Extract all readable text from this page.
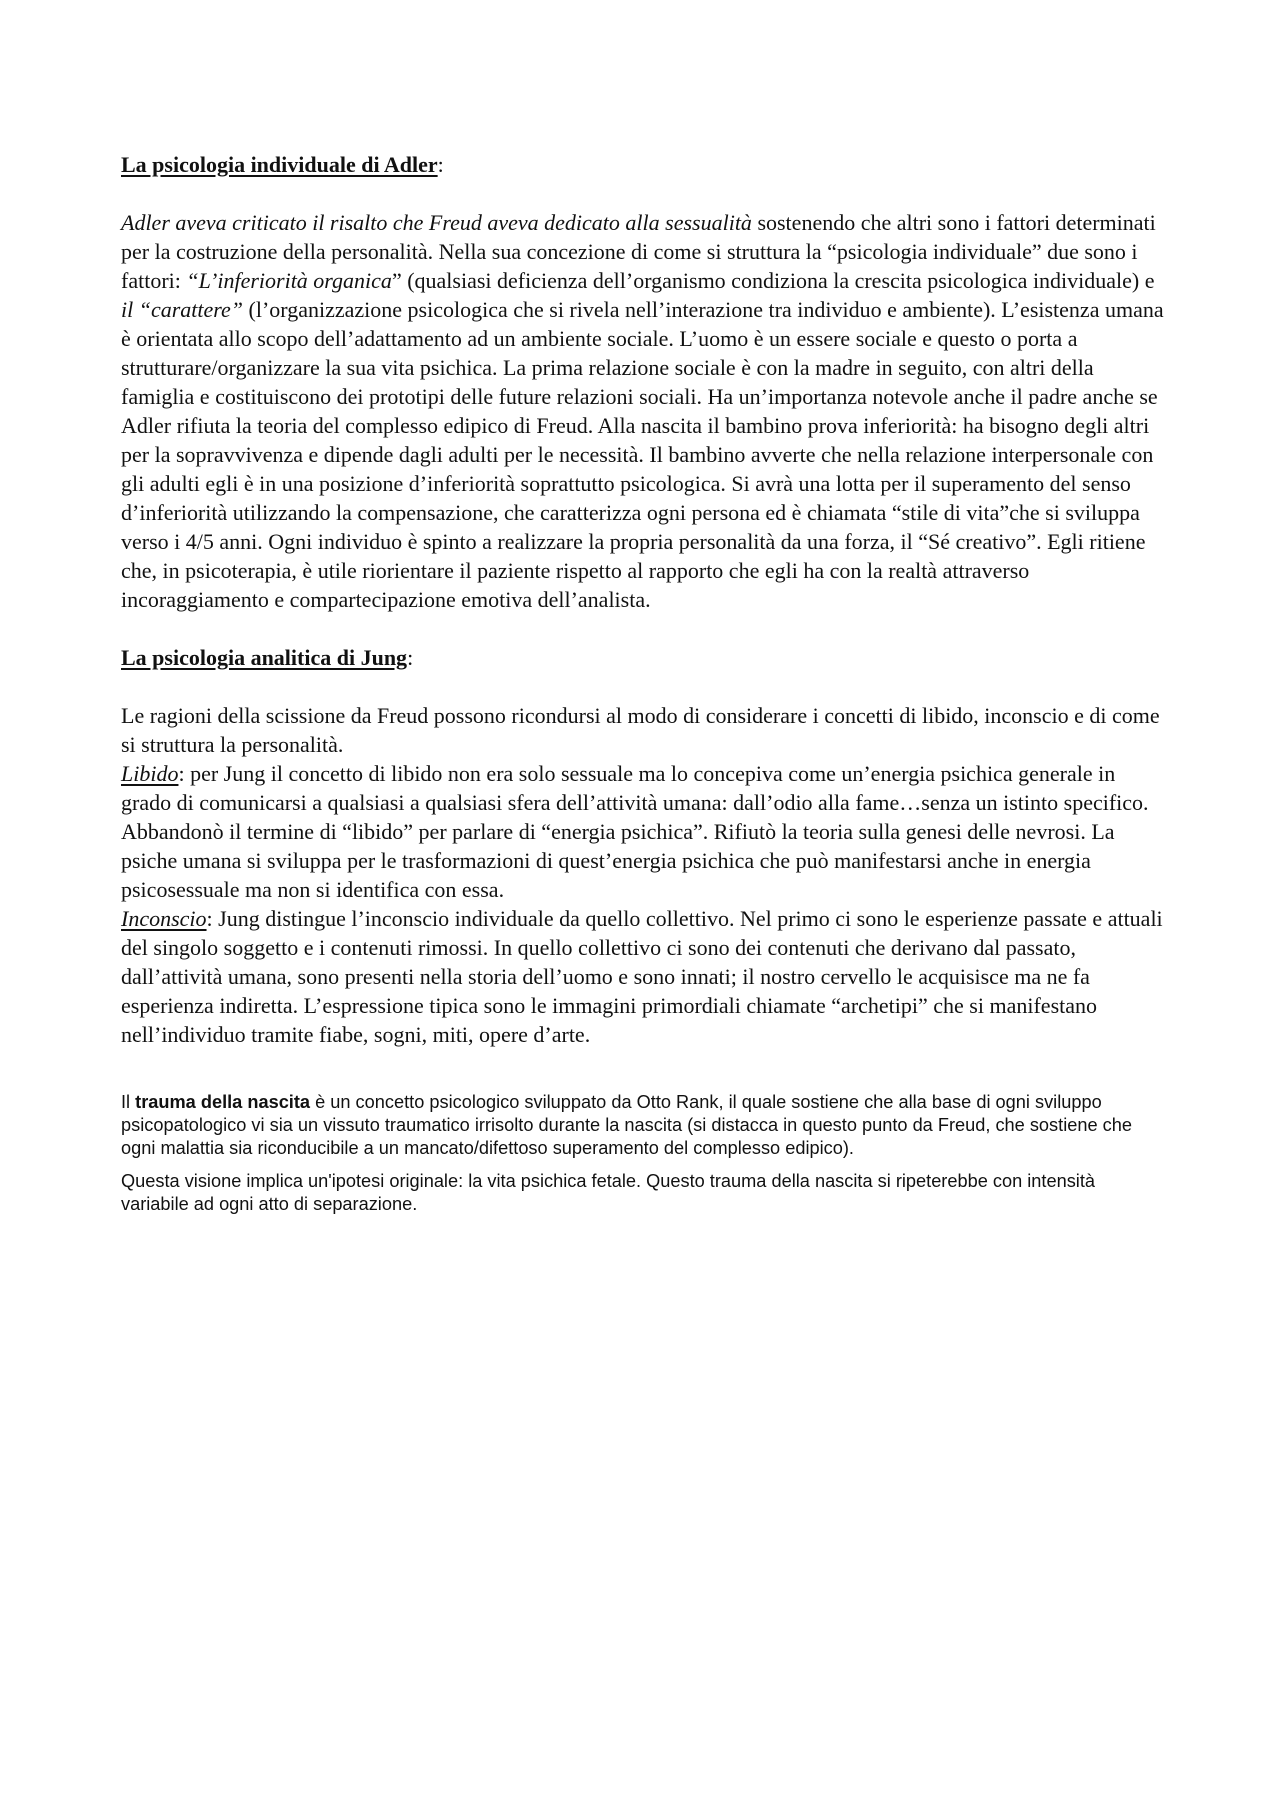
La psicologia individuale di Adler:

Adler aveva criticato il risalto che Freud aveva dedicato alla sessualità sostenendo che altri sono i fattori determinati per la costruzione della personalità. Nella sua concezione di come si struttura la “psicologia individuale” due sono i fattori: “L’inferiorità organica” (qualsiasi deficienza dell’organismo condiziona la crescita psicologica individuale) e il “carattere” (l’organizzazione psicologica che si rivela nell’interazione tra individuo e ambiente). L’esistenza umana è orientata allo scopo dell’adattamento ad un ambiente sociale. L’uomo è un essere sociale e questo o porta a strutturare/organizzare la sua vita psichica. La prima relazione sociale è con la madre in seguito, con altri della famiglia e costituiscono dei prototipi delle future relazioni sociali. Ha un’importanza notevole anche il padre anche se Adler rifiuta la teoria del complesso edipico di Freud. Alla nascita il bambino prova inferiorità: ha bisogno degli altri per la sopravvivenza e dipende dagli adulti per le necessità. Il bambino avverte che nella relazione interpersonale con gli adulti egli è in una posizione d’inferiorità soprattutto psicologica. Si avrà una lotta per il superamento del senso d’inferiorità utilizzando la compensazione, che caratterizza ogni persona ed è chiamata “stile di vita”che si sviluppa verso i 4/5 anni. Ogni individuo è spinto a realizzare la propria personalità da una forza, il “Sé creativo”. Egli ritiene che, in psicoterapia, è utile riorientare il paziente rispetto al rapporto che egli ha con la realtà attraverso incoraggiamento e compartecipazione emotiva dell’analista.

La psicologia analitica di Jung:

Le ragioni della scissione da Freud possono ricondursi al modo di considerare i concetti di libido, inconscio e di come si struttura la personalità.

Libido: per Jung il concetto di libido non era solo sessuale ma lo concepiva come un’energia psichica generale in grado di comunicarsi a qualsiasi a qualsiasi sfera dell’attività umana: dall’odio alla fame…senza un istinto specifico. Abbandonò il termine di “libido” per parlare di “energia psichica”. Rifiutò la teoria sulla genesi delle nevrosi. La psiche umana si sviluppa per le trasformazioni di quest’energia psichica che può manifestarsi anche in energia psicosessuale ma non si identifica con essa.

Inconscio: Jung distingue l’inconscio individuale da quello collettivo. Nel primo ci sono le esperienze passate e attuali del singolo soggetto e i contenuti rimossi. In quello collettivo ci sono dei contenuti che derivano dal passato, dall’attività umana, sono presenti nella storia dell’uomo e sono innati; il nostro cervello le acquisisce ma ne fa esperienza indiretta. L’espressione tipica sono le immagini primordiali chiamate “archetipi” che si manifestano nell’individuo tramite fiabe, sogni, miti, opere d’arte.

Il trauma della nascita è un concetto psicologico sviluppato da Otto Rank, il quale sostiene che alla base di ogni sviluppo psicopatologico vi sia un vissuto traumatico irrisolto durante la nascita (si distacca in questo punto da Freud, che sostiene che ogni malattia sia riconducibile a un mancato/difettoso superamento del complesso edipico).

Questa visione implica un'ipotesi originale: la vita psichica fetale. Questo trauma della nascita si ripeterebbe con intensità variabile ad ogni atto di separazione.
